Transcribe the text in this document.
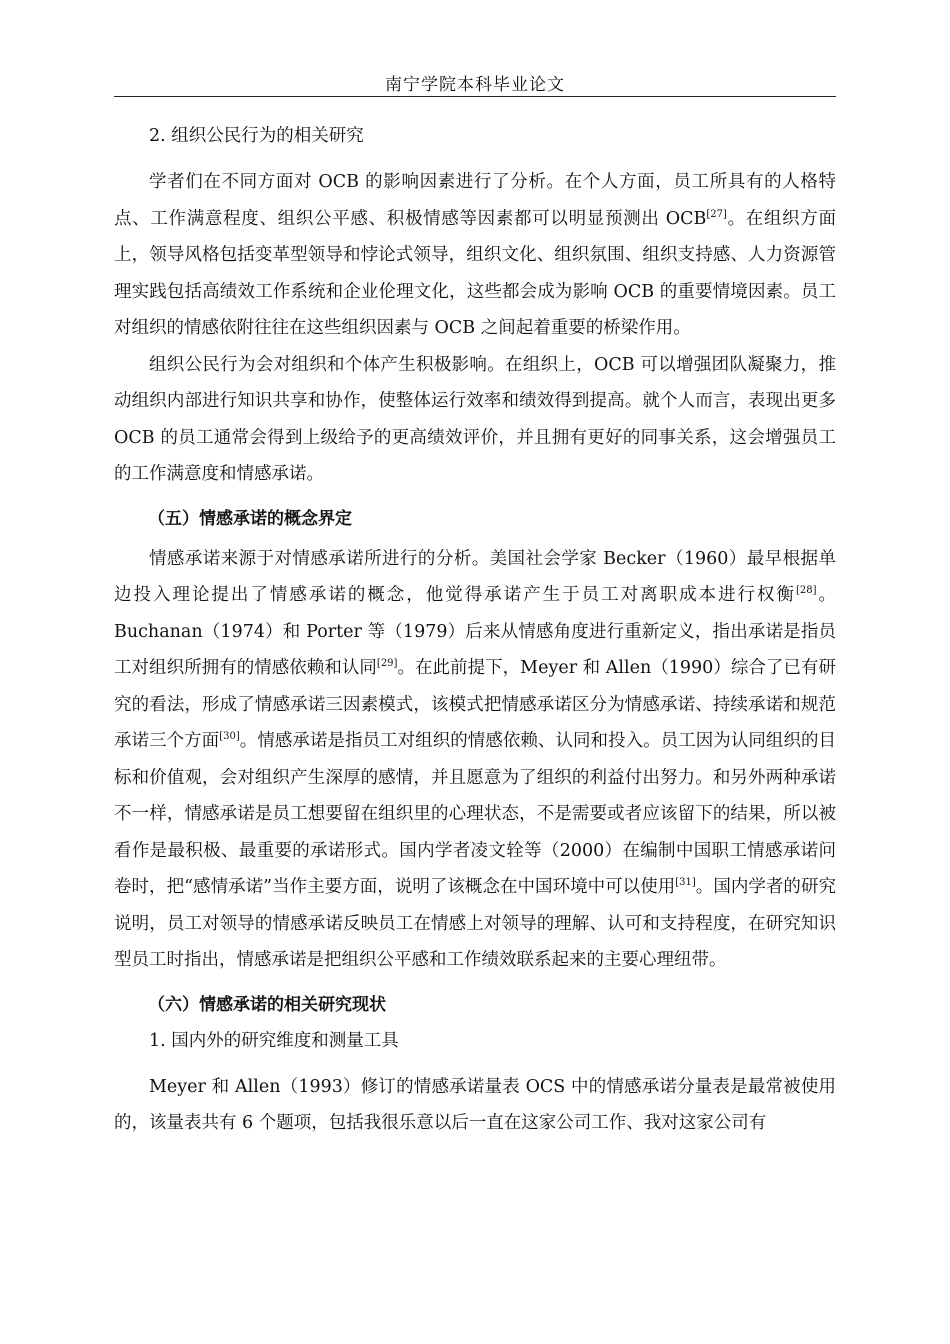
南宁学院本科毕业论文
2. 组织公民行为的相关研究

学者们在不同方面对 OCB 的影响因素进行了分析。在个人方面，员工所具有的人格特点、工作满意程度、组织公平感、积极情感等因素都可以明显预测出 OCB[27]。在组织方面上，领导风格包括变革型领导和悖论式领导，组织文化、组织氛围、组织支持感、人力资源管理实践包括高绩效工作系统和企业伦理文化，这些都会成为影响 OCB 的重要情境因素。员工对组织的情感依附往往在这些组织因素与 OCB 之间起着重要的桥梁作用。

组织公民行为会对组织和个体产生积极影响。在组织上，OCB 可以增强团队凝聚力，推动组织内部进行知识共享和协作，使整体运行效率和绩效得到提高。就个人而言，表现出更多 OCB 的员工通常会得到上级给予的更高绩效评价，并且拥有更好的同事关系，这会增强员工的工作满意度和情感承诺。

（五）情感承诺的概念界定

情感承诺来源于对情感承诺所进行的分析。美国社会学家 Becker（1960）最早根据单边投入理论提出了情感承诺的概念，他觉得承诺产生于员工对离职成本进行权衡[28]。Buchanan（1974）和 Porter 等（1979）后来从情感角度进行重新定义，指出承诺是指员工对组织所拥有的情感依赖和认同[29]。在此前提下，Meyer 和 Allen（1990）综合了已有研究的看法，形成了情感承诺三因素模式，该模式把情感承诺区分为情感承诺、持续承诺和规范承诺三个方面[30]。情感承诺是指员工对组织的情感依赖、认同和投入。员工因为认同组织的目标和价值观，会对组织产生深厚的感情，并且愿意为了组织的利益付出努力。和另外两种承诺不一样，情感承诺是员工想要留在组织里的心理状态，不是需要或者应该留下的结果，所以被看作是最积极、最重要的承诺形式。国内学者凌文辁等（2000）在编制中国职工情感承诺问卷时，把“感情承诺”当作主要方面，说明了该概念在中国环境中可以使用[31]。国内学者的研究说明，员工对领导的情感承诺反映员工在情感上对领导的理解、认可和支持程度，在研究知识型员工时指出，情感承诺是把组织公平感和工作绩效联系起来的主要心理纽带。

（六）情感承诺的相关研究现状
1. 国内外的研究维度和测量工具

Meyer 和 Allen（1993）修订的情感承诺量表 OCS 中的情感承诺分量表是最常被使用的，该量表共有 6 个题项，包括我很乐意以后一直在这家公司工作、我对这家公司有
